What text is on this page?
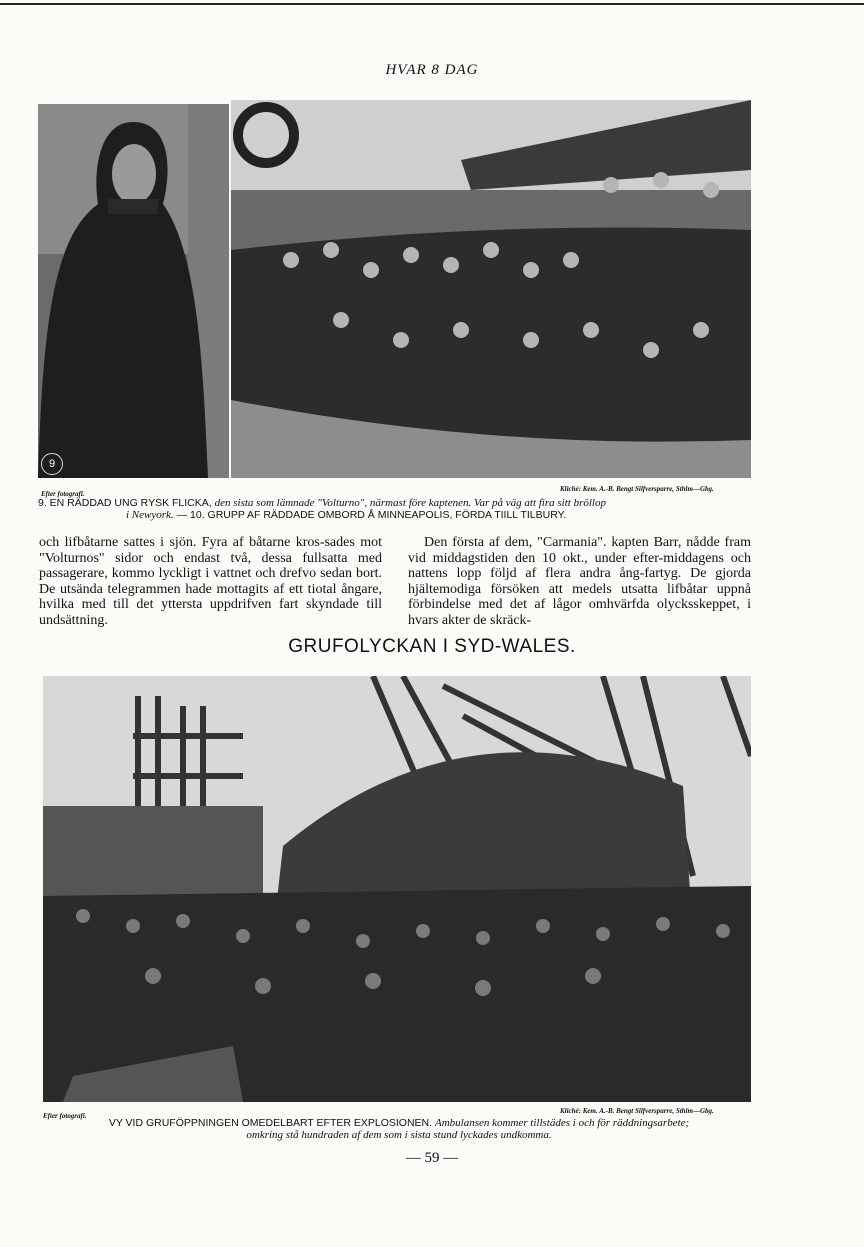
HVAR 8 DAG
9
Efter fotografi.
Kliché: Kem. A.-B. Bengt Silfversparre, Sthlm—Gbg.
9. EN RÄDDAD UNG RYSK FLICKA, den sista som lämnade "Volturno", närmast före kaptenen. Var på väg att fira sitt bröllop
i Newyork. — 10. GRUPP AF RÄDDADE OMBORD Å MINNEAPOLIS, FÖRDA TIILL TILBURY.
och lifbåtarne sattes i sjön. Fyra af båtarne kros-sades mot "Volturnos" sidor och endast två, dessa fullsatta med passagerare, kommo lyckligt i vattnet och drefvo sedan bort. De utsända telegrammen hade mottagits af ett tiotal ångare, hvilka med till det yttersta uppdrifven fart skyndade till undsättning.
Den första af dem, "Carmania". kapten Barr, nådde fram vid middagstiden den 10 okt., under efter-middagens och nattens lopp följd af flera andra ång-fartyg. De gjorda hjältemodiga försöken att medels utsatta lifbåtar uppnå förbindelse med det af lågor omhvärfda olycksskeppet, i hvars akter de skräck-
GRUFOLYCKAN I SYD-WALES.
Efter fotografi.
Kliché: Kem. A.-B. Bengt Silfversparre, Sthlm—Gbg.
VY VID GRUFÖPPNINGEN OMEDELBART EFTER EXPLOSIONEN. Ambulansen kommer tillstädes i och för räddningsarbete;
omkring stå hundraden af dem som i sista stund lyckades undkomma.
— 59 —
